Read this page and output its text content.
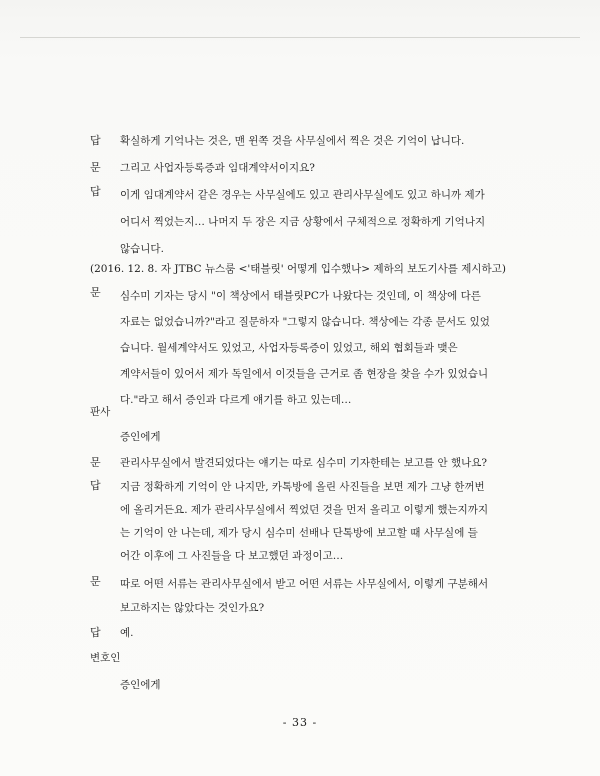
답	확실하게 기억나는 것은, 맨 윈쪽 것을 사무실에서 찍은 것은 기억이 납니다.
문	그리고 사업자등록증과 임대계약서이지요?
답	이게 임대계약서 같은 경우는 사무실에도 있고 관리사무실에도 있고 하니까 제가
어디서 찍었는지… 나머지 두 장은 지금 상황에서 구체적으로 정확하게 기억나지
않습니다.
(2016. 12. 8. 자 JTBC 뉴스룸 <'태블릿' 어떻게 입수했나> 제하의 보도기사를 제시하고)
문	심수미 기자는 당시 "이 책상에서 태블릿PC가 나왔다는 것인데, 이 책상에 다른
자료는 없었습니까?"라고 질문하자 "그렇지 않습니다. 책상에는 각종 문서도 있었
습니다. 월세계약서도 있었고, 사업자등록증이 있었고, 해외 협회들과 맺은
계약서들이 있어서 제가 독일에서 이것들을 근거로 좀 현장을 찾을 수가 있었습니
다."라고 해서 증인과 다르게 얘기를 하고 있는데…
판사
증인에게
문	관리사무실에서 발견되었다는 얘기는 따로 심수미 기자한테는 보고를 안 했나요?
답	지금 정확하게 기억이 안 나지만, 카톡방에 올린 사진들을 보면 제가 그냥 한꺼번
에 올리거든요. 제가 관리사무실에서 찍었던 것을 먼저 올리고 이렇게 했는지까지
는 기억이 안 나는데, 제가 당시 심수미 선배나 단톡방에 보고할 때 사무실에 들
어간 이후에 그 사진들을 다 보고했던 과정이고…
문	따로 어떤 서류는 관리사무실에서 받고 어떤 서류는 사무실에서, 이렇게 구분해서
보고하지는 않았다는 것인가요?
답	예.
변호인
증인에게
- 33 -
